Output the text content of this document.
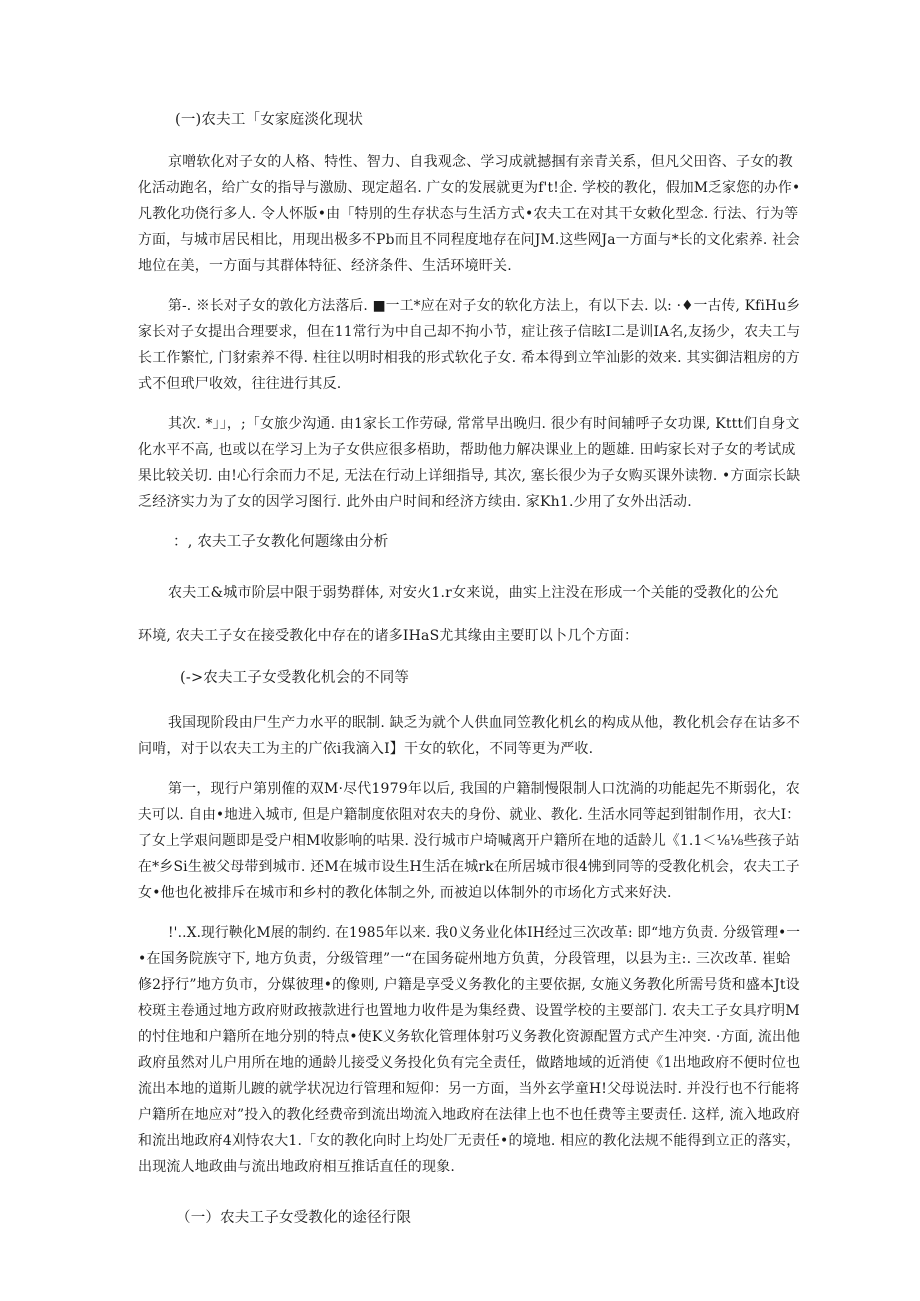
(一)农夫工「女家庭淡化现状
京噌软化对子女的人格、特性、智力、自我观念、学习成就撼掴有亲青关系，但凡父田咨、子女的教
化活动跑名，给广女的指导与激励、现定超名. 广女的发展就更为f't!企. 学校的教化，假加M乏家您的办作•
凡教化功侥行多人. 令人怀版•由「特別的生存状态与生活方式•农夫工在对其干女敕化型念. 行法、行为等
方面，与城市居民相比，用现出极多不Pb而且不同程度地存在问JM.这些网Ja一方面与*长的文化索养. 社会
地位在美，一方面与其群体特征、经济条件、生活环境旰关.
第-. ※长对子女的敦化方法落后. ■一工*应在对子女的软化方法上，有以下去. 以: ·♦一古传, KfiHu乡
家长对子女提出合理要求，但在11常行为中自己却不拘小节，症让孩子信眩I二是训IA名,友扬少，农夫工与
长工作繁忙, 门豺索养不得. 柱往以明时相我的形式软化子女. 希本得到立竿汕影的效来. 其实御洁粗房的方
式不但玳尸收效，往往进行其反.
其次. *」」，;「女旅少沟通. 由1家长工作劳碌, 常常早出晚归. 很少有时间辅呼子女功课, Kttt们自身文
化水平不高, 也或以在学习上为子女供应很多梧助，帮助他力解决课业上的题雄. 田屿家长对子女的考试成
果比较关切. 由!心行余而力不足, 无法在行动上详细指导, 其次, 塞长很少为子女购买课外读物. •方面宗长缺
乏经济实力为了女的因学习图行. 此外由户时间和经济方续由. 家Kh1.少用了女外出活动.
：, 农夫工子女教化何题缘由分析
农夫工&城市阶层中限于弱势群体, 对安火1.r女来说，曲实上注没在形成一个关能的受教化的公允
环境, 农夫工子女在接受教化中存在的诸多IHaS尤其缘由主要盯以卜几个方面：
(->农夫工子女受教化机会的不同等
我国现阶段由尸生产力水平的眠制. 缺乏为就个人供血同笠教化机幺的构成从他，教化机会存在诂多不
问啃，对于以农夫工为主的广依i我滴入I】干女的软化，不同等更为严收.
第一，现行户第別傕的双M·尽代1979年以后, 我国的户籍制慢限制人口沈淌的功能起先不斯弱化，农
夫可以. 自由•地进入城市, 但是户籍制度依阻对农夫的身份、就业、教化. 生活水同等起到钳制作用，衣大I：
了女上学艰问题即是受户相M收影响的咕果. 没行城市户埼喊离开户籍所在地的适龄儿《1.1＜⅛⅛些孩子站
在*乡Si生被父母带到城市. 还M在城市设生H生活在城rk在所居城市很4怫到同等的受教化机会，农夫工子
女•他也化被排斥在城市和乡村的教化体制之外, 而被迫以体制外的市场化方式来好決.
!'..X.现行鞅化M展的制约. 在1985年以来. 我0义务业化体IH经过三次改革: 即“地方负责. 分级管理•一
•在国务院族守下, 地方负责，分级管理”一“在国务碇州地方负黄，分段管理，以县为主:. 三次改革. 崔蛤
修2抒行”地方负市，分媒彼理•的像则, 户籍是享受义务教化的主要依据, 女施义务教化所需号货和盛本Jt设
校斑主卷通过地方政府财政掖款进行也置地力收件是为集经费、设置学校的主要部门. 农夫工子女具疗明M
的忖住地和户籍所在地分别的特点•使K义务软化管理体射巧义务教化资源配置方式产生冲突. ·方面, 流出他
政府虽然对儿户用所在地的通龄儿接受义务投化负有完全责任，做踏地域的近消使《1出地政府不便时位也
流出本地的道斯儿踱的就学状况边行管理和短仰：另一方面，当外玄学童H!父母说法时. 并没行也不行能将
户籍所在地应对”投入的教化经费帝到流出坳流入地政府在法律上也不也任费等主要责任. 这样, 流入地政府
和流出地政府4刈恃农大1.「女的教化向时上均处厂无责任•的境地. 相应的教化法规不能得到立正的落实，
出现流人地政曲与流出地政府相互推话直任的现象.
（一）农夫工子女受教化的途径行限
